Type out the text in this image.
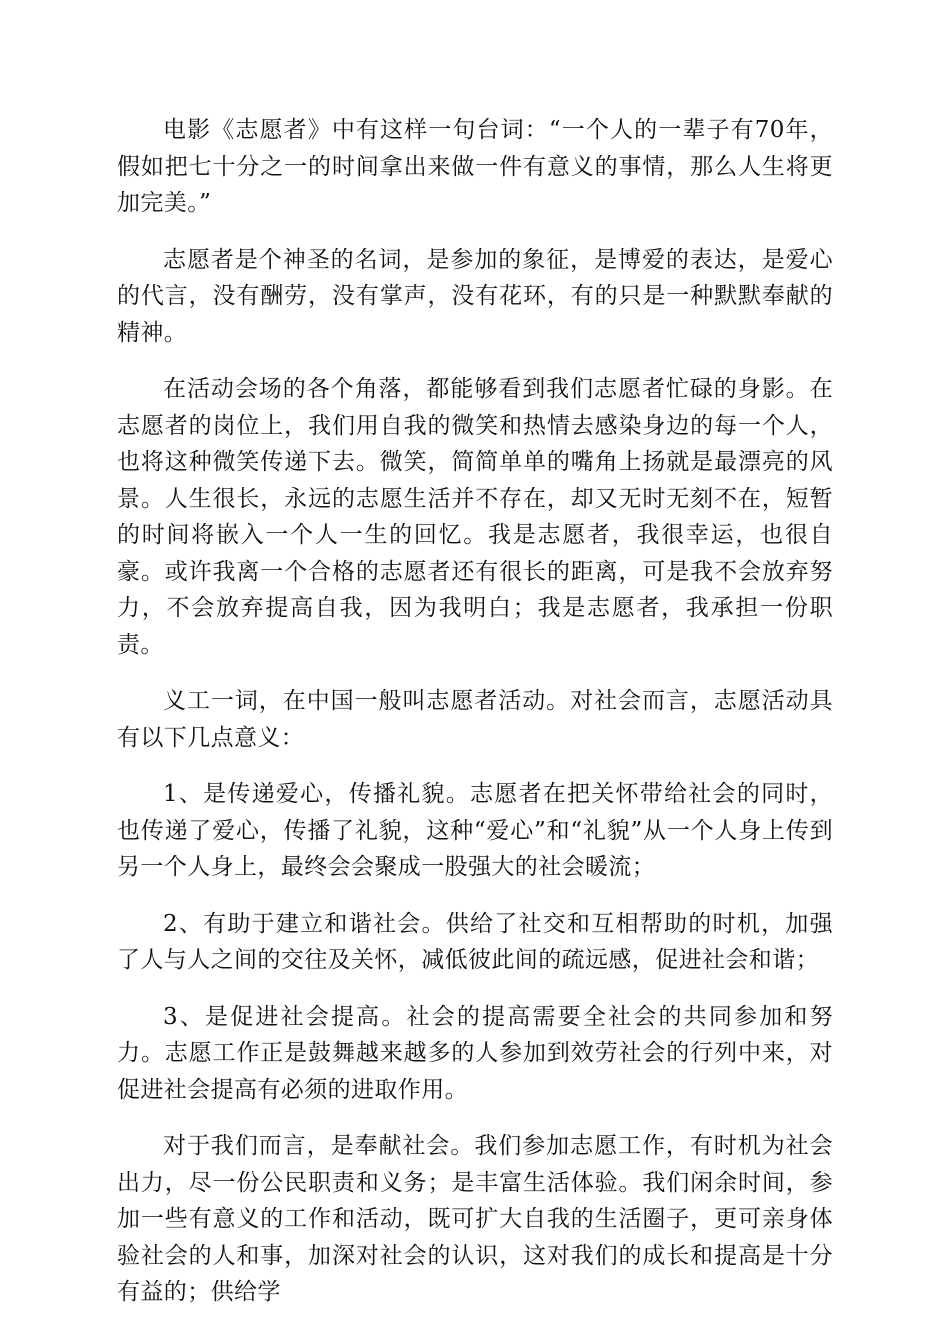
电影《志愿者》中有这样一句台词：“一个人的一辈子有70年，假如把七十分之一的时间拿出来做一件有意义的事情，那么人生将更加完美。”

志愿者是个神圣的名词，是参加的象征，是博爱的表达，是爱心的代言，没有酬劳，没有掌声，没有花环，有的只是一种默默奉献的精神。

在活动会场的各个角落，都能够看到我们志愿者忙碌的身影。在志愿者的岗位上，我们用自我的微笑和热情去感染身边的每一个人，也将这种微笑传递下去。微笑，简简单单的嘴角上扬就是最漂亮的风景。人生很长，永远的志愿生活并不存在，却又无时无刻不在，短暂的时间将嵌入一个人一生的回忆。我是志愿者，我很幸运，也很自豪。或许我离一个合格的志愿者还有很长的距离，可是我不会放弃努力，不会放弃提高自我，因为我明白；我是志愿者，我承担一份职责。

义工一词，在中国一般叫志愿者活动。对社会而言，志愿活动具有以下几点意义：

1、是传递爱心，传播礼貌。志愿者在把关怀带给社会的同时，也传递了爱心，传播了礼貌，这种“爱心”和“礼貌”从一个人身上传到另一个人身上，最终会会聚成一股强大的社会暖流；

2、有助于建立和谐社会。供给了社交和互相帮助的时机，加强了人与人之间的交往及关怀，减低彼此间的疏远感，促进社会和谐；

3、是促进社会提高。社会的提高需要全社会的共同参加和努力。志愿工作正是鼓舞越来越多的人参加到效劳社会的行列中来，对促进社会提高有必须的进取作用。

对于我们而言，是奉献社会。我们参加志愿工作，有时机为社会出力，尽一份公民职责和义务；是丰富生活体验。我们闲余时间，参加一些有意义的工作和活动，既可扩大自我的生活圈子，更可亲身体验社会的人和事，加深对社会的认识，这对我们的成长和提高是十分有益的；供给学
